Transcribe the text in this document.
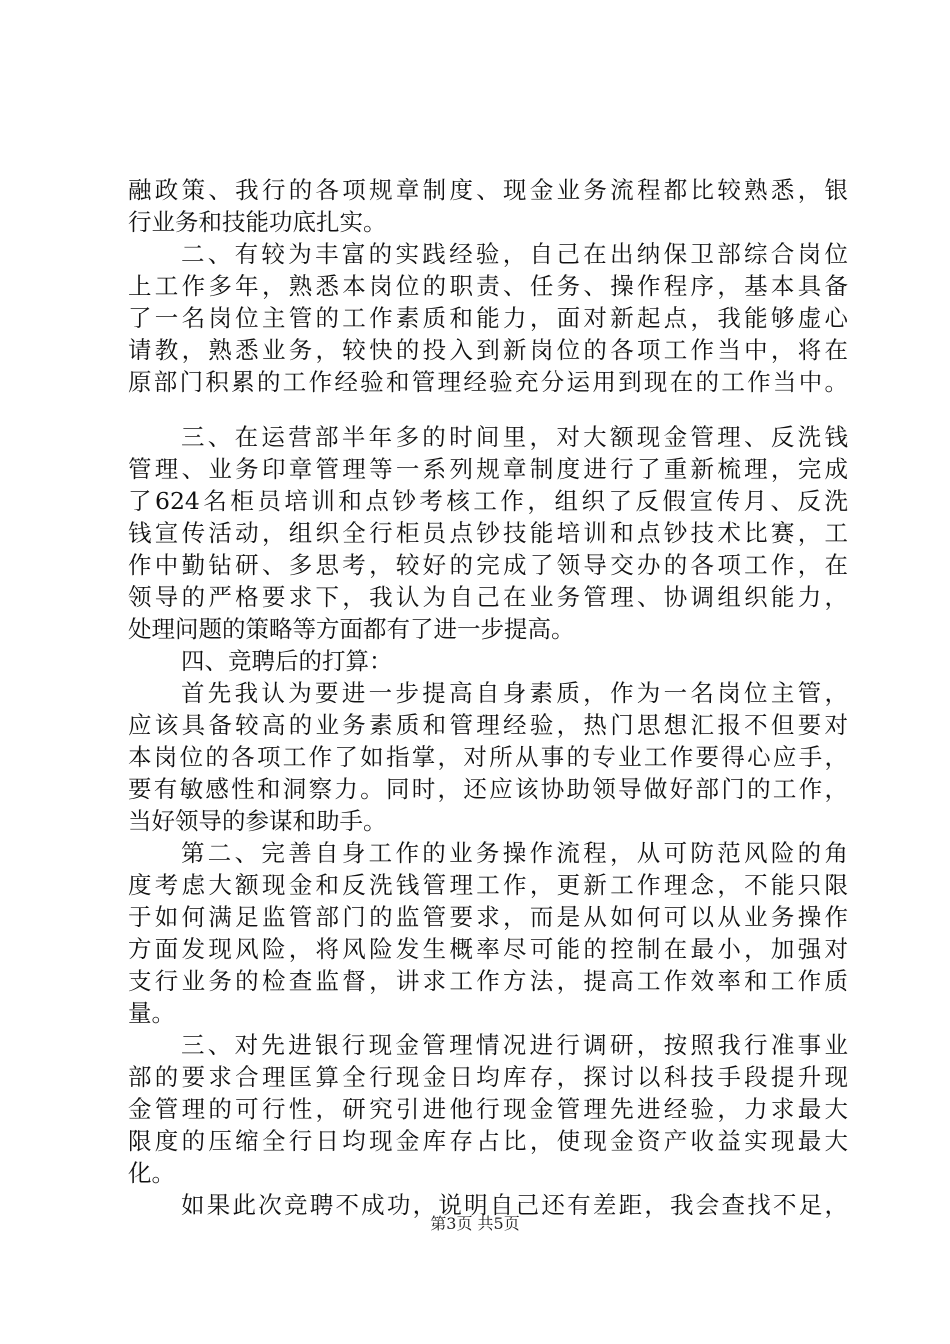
融政策、我行的各项规章制度、现金业务流程都比较熟悉，银
行业务和技能功底扎实。
二、有较为丰富的实践经验，自己在出纳保卫部综合岗位
上工作多年，熟悉本岗位的职责、任务、操作程序，基本具备
了一名岗位主管的工作素质和能力，面对新起点，我能够虚心
请教，熟悉业务，较快的投入到新岗位的各项工作当中，将在
原部门积累的工作经验和管理经验充分运用到现在的工作当中。
三、在运营部半年多的时间里，对大额现金管理、反洗钱
管理、业务印章管理等一系列规章制度进行了重新梳理，完成
了624名柜员培训和点钞考核工作，组织了反假宣传月、反洗
钱宣传活动，组织全行柜员点钞技能培训和点钞技术比赛，工
作中勤钻研、多思考，较好的完成了领导交办的各项工作，在
领导的严格要求下，我认为自己在业务管理、协调组织能力，
处理问题的策略等方面都有了进一步提高。
四、竞聘后的打算：
首先我认为要进一步提高自身素质，作为一名岗位主管，
应该具备较高的业务素质和管理经验，热门思想汇报不但要对
本岗位的各项工作了如指掌，对所从事的专业工作要得心应手，
要有敏感性和洞察力。同时，还应该协助领导做好部门的工作，
当好领导的参谋和助手。
第二、完善自身工作的业务操作流程，从可防范风险的角
度考虑大额现金和反洗钱管理工作，更新工作理念，不能只限
于如何满足监管部门的监管要求，而是从如何可以从业务操作
方面发现风险，将风险发生概率尽可能的控制在最小，加强对
支行业务的检查监督，讲求工作方法，提高工作效率和工作质
量。
三、对先进银行现金管理情况进行调研，按照我行准事业
部的要求合理匡算全行现金日均库存，探讨以科技手段提升现
金管理的可行性，研究引进他行现金管理先进经验，力求最大
限度的压缩全行日均现金库存占比，使现金资产收益实现最大
化。
如果此次竞聘不成功，说明自己还有差距，我会查找不足，
第3页 共5页
